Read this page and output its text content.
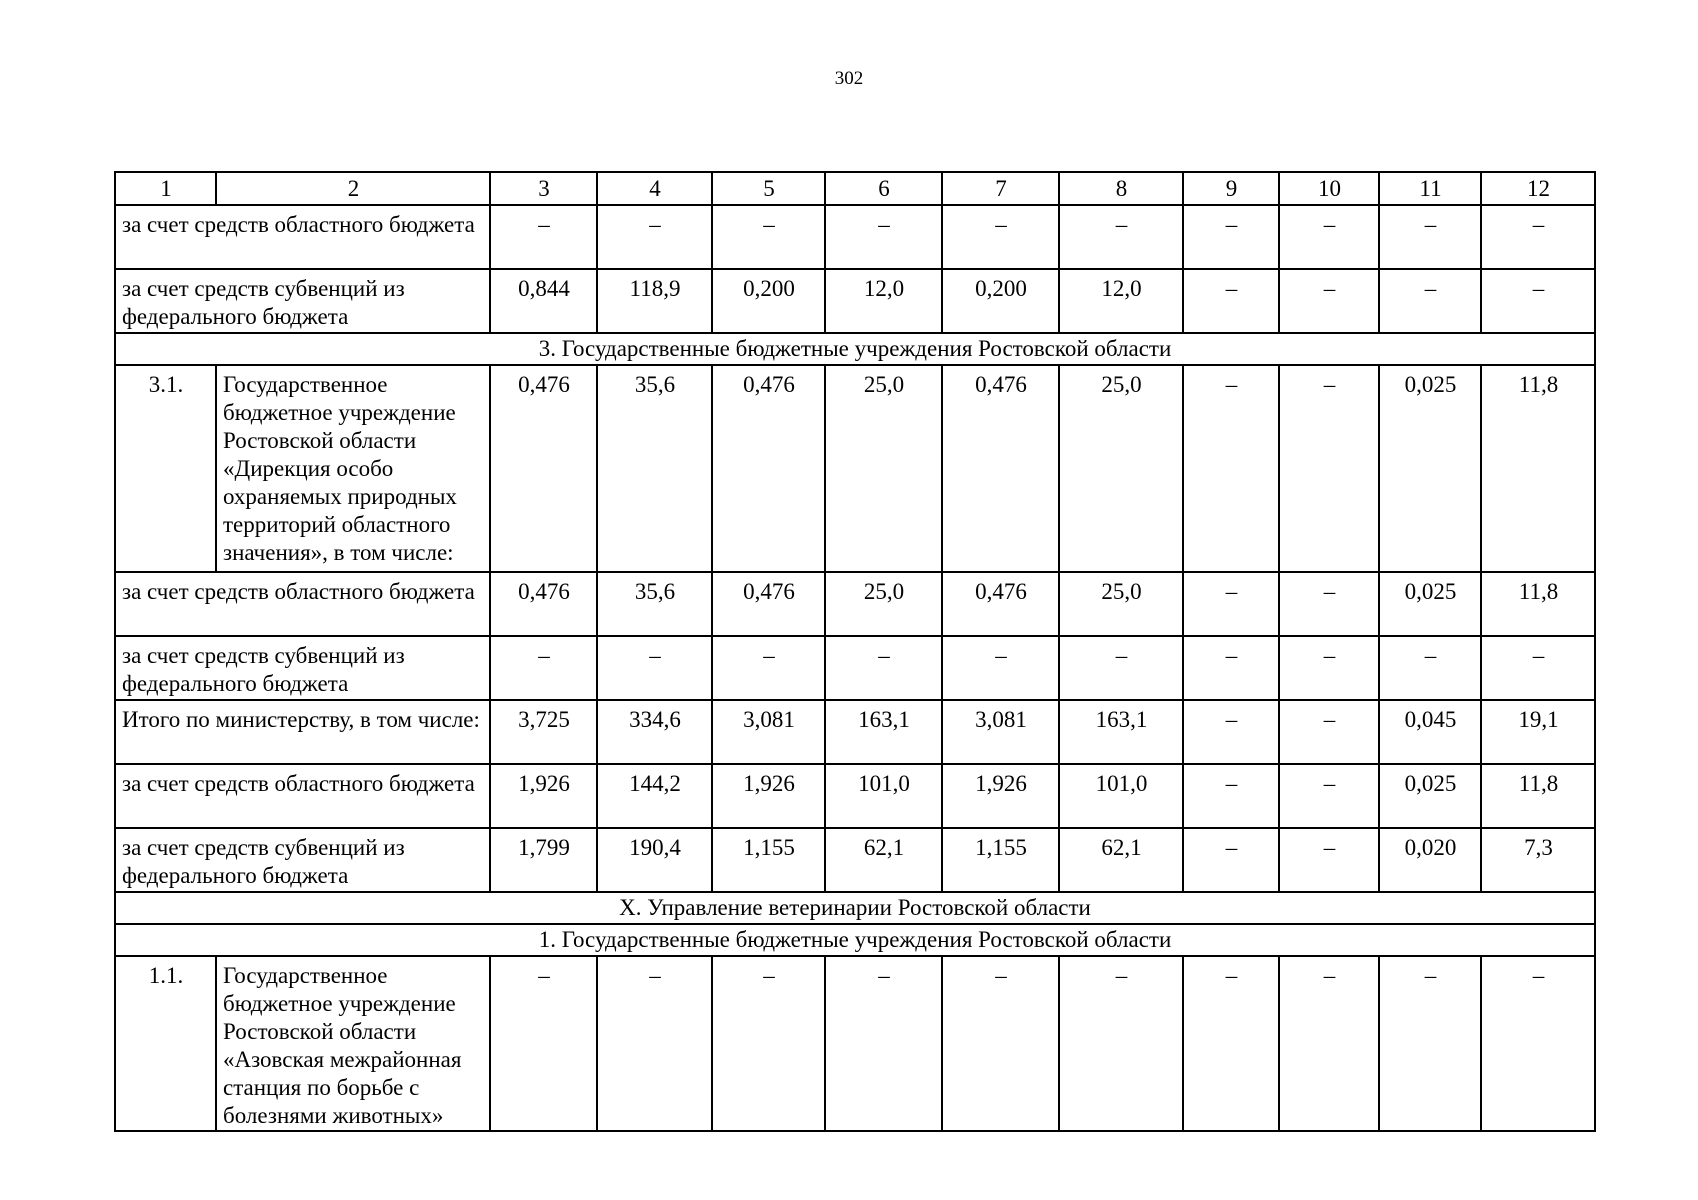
302
1	2	3	4	5	6	7	8	9	10	11	12
за счет средств областного бюджета		–	–	–	–	–	–	–	–	–	–
за счет средств субвенций из федерального бюджета		0,844	118,9	0,200	12,0	0,200	12,0	–	–	–	–
3. Государственные бюджетные учреждения Ростовской области											
3.1.	Государственное бюджетное учреждение Ростовской области «Дирекция особо охраняемых природных территорий областного значения», в том числе:	0,476	35,6	0,476	25,0	0,476	25,0	–	–	0,025	11,8
за счет средств областного бюджета		0,476	35,6	0,476	25,0	0,476	25,0	–	–	0,025	11,8
за счет средств субвенций из федерального бюджета		–	–	–	–	–	–	–	–	–	–
Итого по министерству, в том числе:		3,725	334,6	3,081	163,1	3,081	163,1	–	–	0,045	19,1
за счет средств областного бюджета		1,926	144,2	1,926	101,0	1,926	101,0	–	–	0,025	11,8
за счет средств субвенций из федерального бюджета		1,799	190,4	1,155	62,1	1,155	62,1	–	–	0,020	7,3
X. Управление ветеринарии Ростовской области											
1. Государственные бюджетные учреждения Ростовской области											
1.1.	Государственное бюджетное учреждение Ростовской области «Азовская межрайонная станция по борьбе с болезнями животных»	–	–	–	–	–	–	–	–	–	–
